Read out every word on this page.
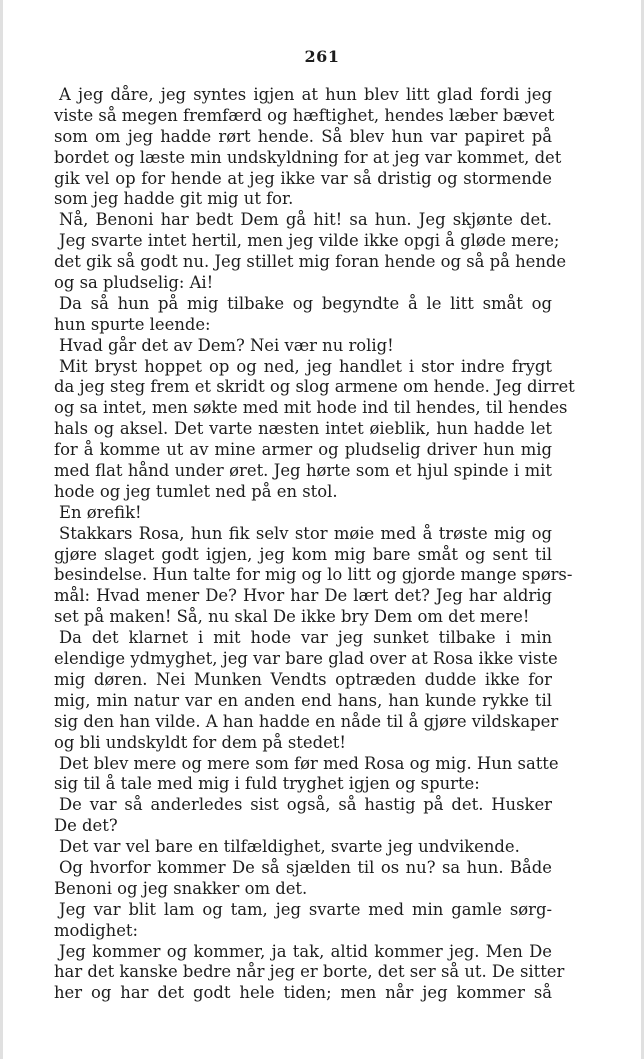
261
A jeg dåre, jeg syntes igjen at hun blev litt glad fordi jeg
viste så megen fremfærd og hæftighet, hendes læber bævet
som om jeg hadde rørt hende. Så blev hun var papiret på
bordet og læste min undskyldning for at jeg var kommet, det
gik vel op for hende at jeg ikke var så dristig og stormende
som jeg hadde git mig ut for.
Nå, Benoni har bedt Dem gå hit! sa hun. Jeg skjønte det.
Jeg svarte intet hertil, men jeg vilde ikke opgi å gløde mere;
det gik så godt nu. Jeg stillet mig foran hende og så på hende
og sa pludselig: Ai!
Da så hun på mig tilbake og begyndte å le litt småt og
hun spurte leende:
Hvad går det av Dem? Nei vær nu rolig!
Mit bryst hoppet op og ned, jeg handlet i stor indre frygt
da jeg steg frem et skridt og slog armene om hende. Jeg dirret
og sa intet, men søkte med mit hode ind til hendes, til hendes
hals og aksel. Det varte næsten intet øieblik, hun hadde let
for å komme ut av mine armer og pludselig driver hun mig
med flat hånd under øret. Jeg hørte som et hjul spinde i mit
hode og jeg tumlet ned på en stol.
En ørefik!
Stakkars Rosa, hun fik selv stor møie med å trøste mig og
gjøre slaget godt igjen, jeg kom mig bare småt og sent til
besindelse. Hun talte for mig og lo litt og gjorde mange spørs-
mål: Hvad mener De? Hvor har De lært det? Jeg har aldrig
set på maken! Så, nu skal De ikke bry Dem om det mere!
Da det klarnet i mit hode var jeg sunket tilbake i min
elendige ydmyghet, jeg var bare glad over at Rosa ikke viste
mig døren. Nei Munken Vendts optræden dudde ikke for
mig, min natur var en anden end hans, han kunde rykke til
sig den han vilde. A han hadde en nåde til å gjøre vildskaper
og bli undskyldt for dem på stedet!
Det blev mere og mere som før med Rosa og mig. Hun satte
sig til å tale med mig i fuld tryghet igjen og spurte:
De var så anderledes sist også, så hastig på det. Husker
De det?
Det var vel bare en tilfældighet, svarte jeg undvikende.
Og hvorfor kommer De så sjælden til os nu? sa hun. Både
Benoni og jeg snakker om det.
Jeg var blit lam og tam, jeg svarte med min gamle sørg-
modighet:
Jeg kommer og kommer, ja tak, altid kommer jeg. Men De
har det kanske bedre når jeg er borte, det ser så ut. De sitter
her og har det godt hele tiden; men når jeg kommer så
